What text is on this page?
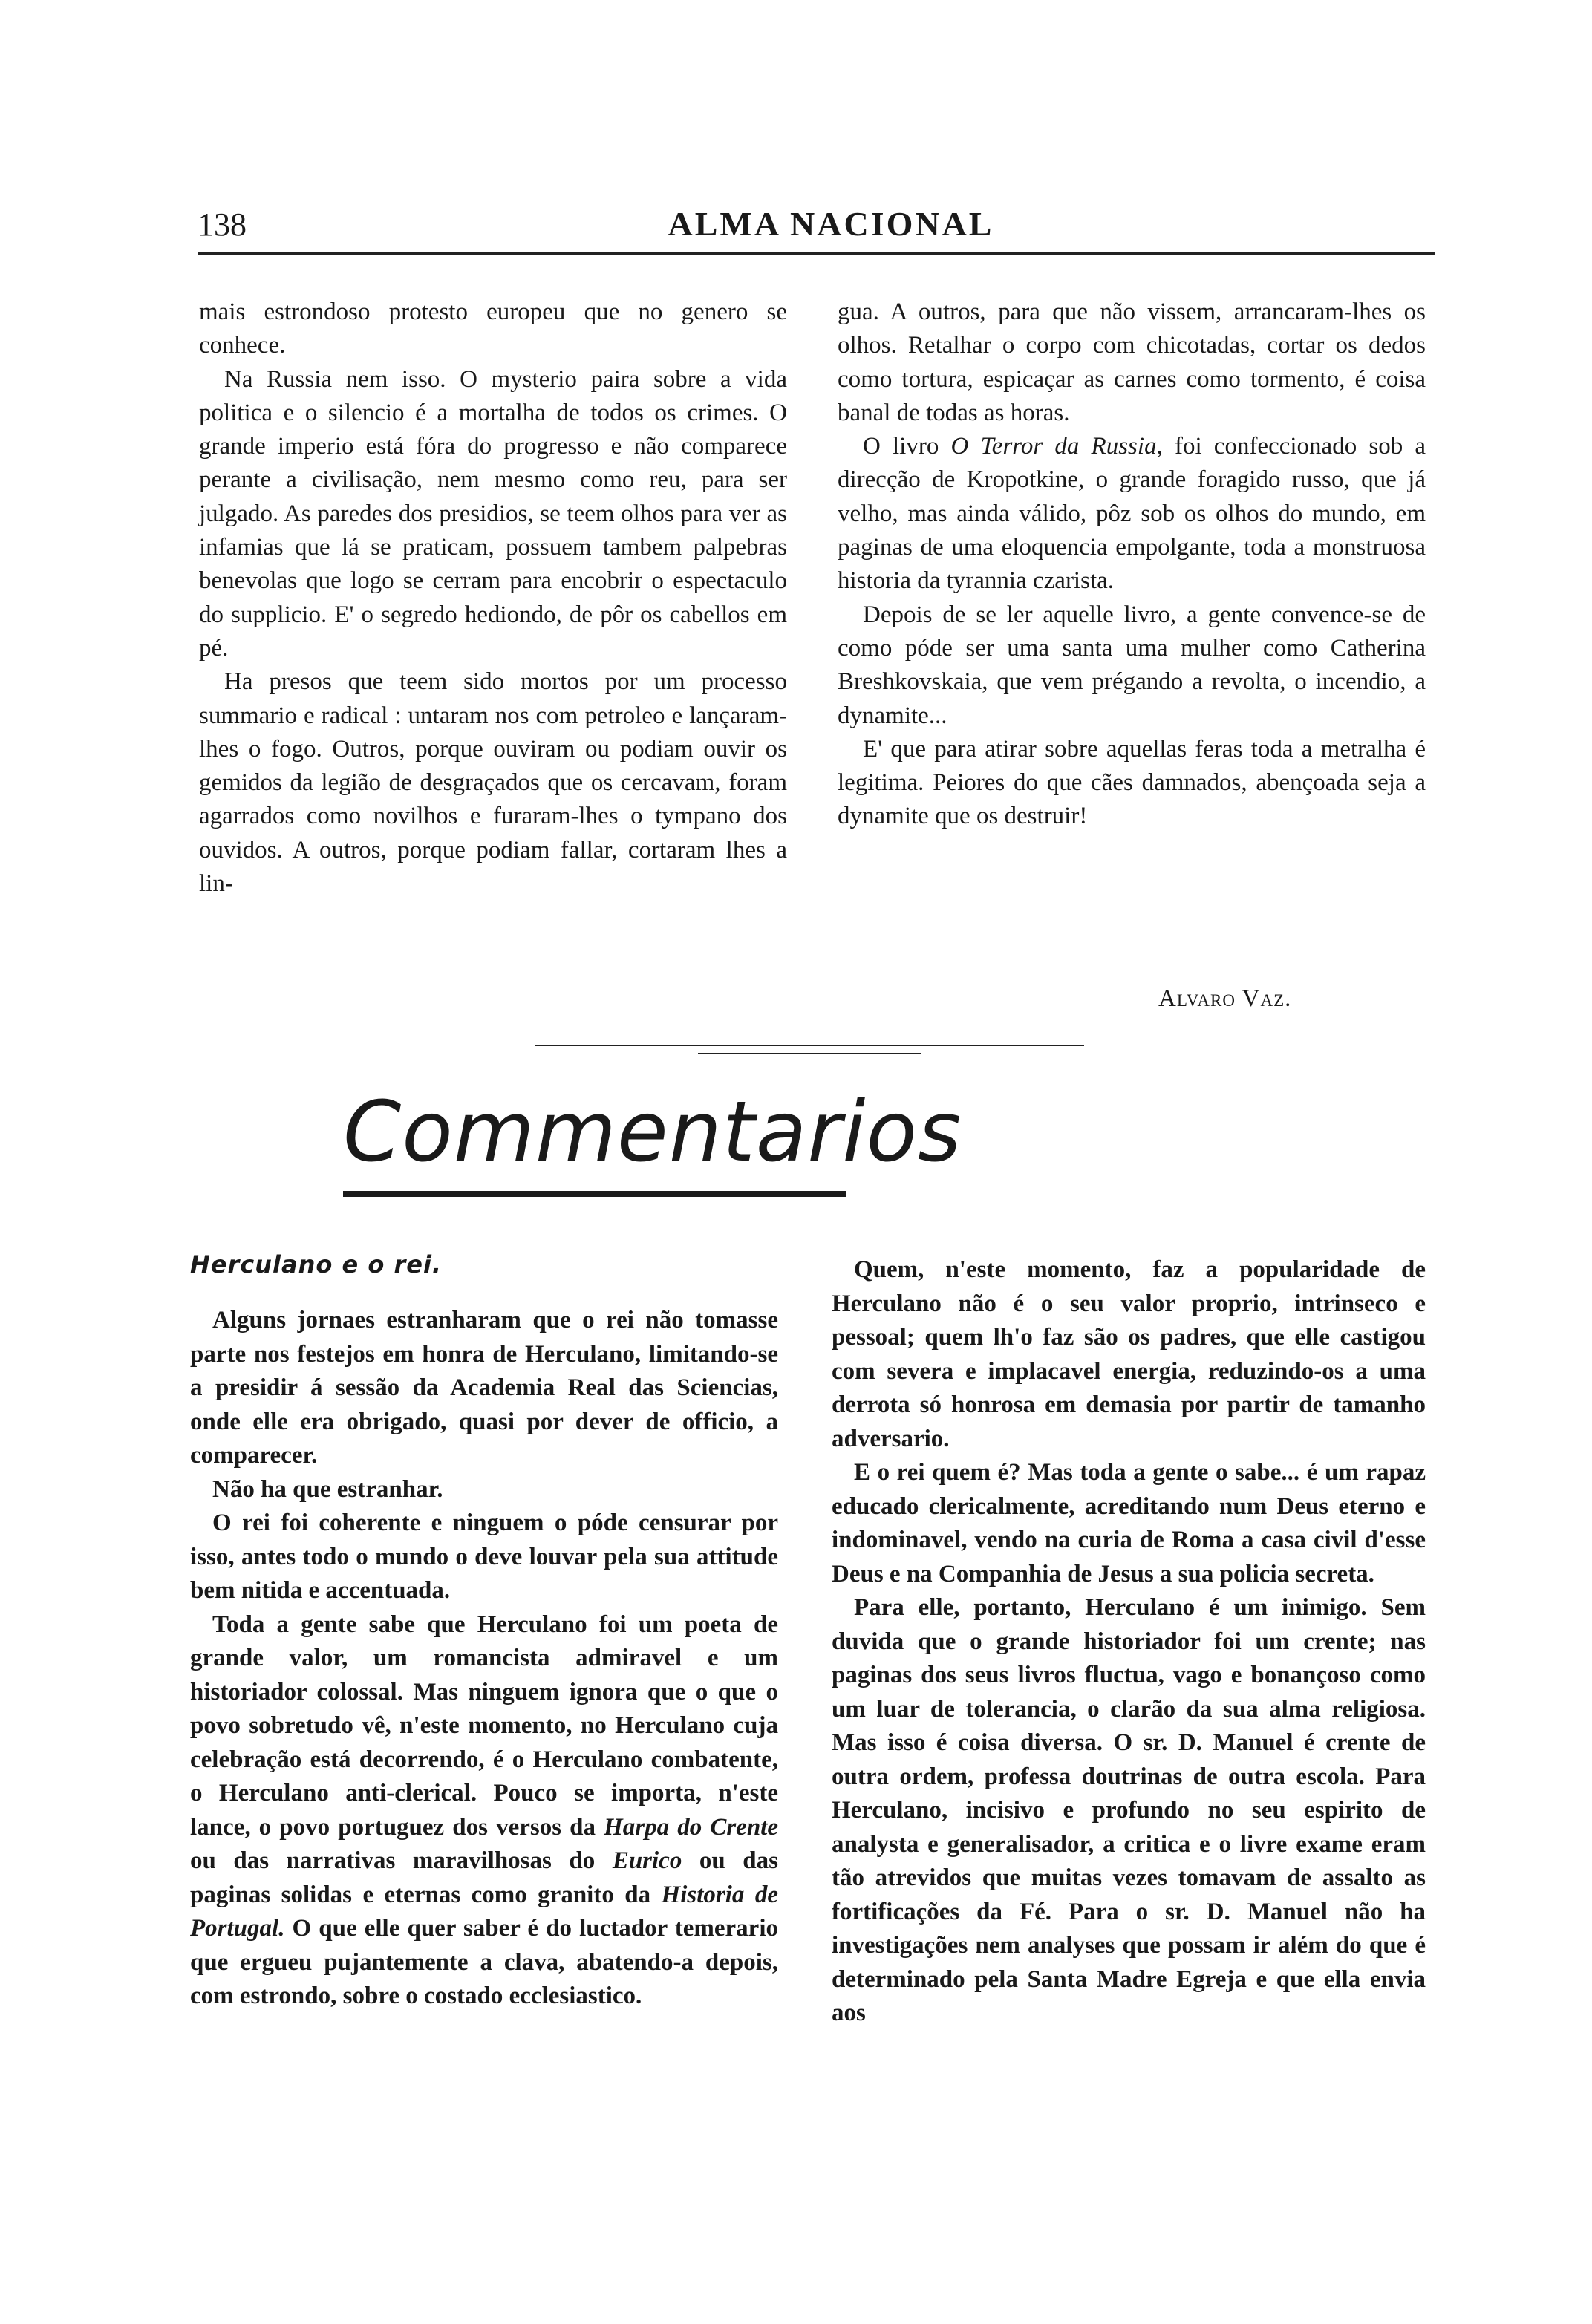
138	ALMA NACIONAL

mais estrondoso protesto europeu que no genero se conhece.

Na Russia nem isso. O mysterio paira sobre a vida politica e o silencio é a mortalha de todos os crimes. O grande imperio está fóra do progresso e não comparece perante a civilisação, nem mesmo como reu, para ser julgado. As paredes dos presidios, se teem olhos para ver as infamias que lá se praticam, possuem tambem palpebras benevolas que logo se cerram para encobrir o espectaculo do supplicio. E' o segredo hediondo, de pôr os cabellos em pé.

Ha presos que teem sido mortos por um processo summario e radical : untaram nos com petroleo e lançaram-lhes o fogo. Outros, porque ouviram ou podiam ouvir os gemidos da legião de desgraçados que os cercavam, foram agarrados como novilhos e furaram-lhes o tympano dos ouvidos. A outros, porque podiam fallar, cortaram lhes a lin-

gua. A outros, para que não vissem, arrancaram-lhes os olhos. Retalhar o corpo com chicotadas, cortar os dedos como tortura, espicaçar as carnes como tormento, é coisa banal de todas as horas.

O livro O Terror da Russia, foi confeccionado sob a direcção de Kropotkine, o grande foragido russo, que já velho, mas ainda válido, pôz sob os olhos do mundo, em paginas de uma eloquencia empolgante, toda a monstruosa historia da tyrannia czarista.

Depois de se ler aquelle livro, a gente convence-se de como póde ser uma santa uma mulher como Catherina Breshkovskaia, que vem prégando a revolta, o incendio, a dynamite...

E' que para atirar sobre aquellas feras toda a metralha é legitima. Peiores do que cães damnados, abençoada seja a dynamite que os destruir!

Alvaro Vaz.
Commentarios
Herculano e o rei.

Alguns jornaes estranharam que o rei não tomasse parte nos festejos em honra de Herculano, limitando-se a presidir á sessão da Academia Real das Sciencias, onde elle era obrigado, quasi por dever de officio, a comparecer.

Não ha que estranhar.

O rei foi coherente e ninguem o póde censurar por isso, antes todo o mundo o deve louvar pela sua attitude bem nitida e accentuada.

Toda a gente sabe que Herculano foi um poeta de grande valor, um romancista admiravel e um historiador colossal. Mas ninguem ignora que o que o povo sobretudo vê, n'este momento, no Herculano cuja celebração está decorrendo, é o Herculano combatente, o Herculano anti-clerical. Pouco se importa, n'este lance, o povo portuguez dos versos da Harpa do Crente ou das narrativas maravilhosas do Eurico ou das paginas solidas e eternas como granito da Historia de Portugal. O que elle quer saber é do luctador temerario que ergueu pujantemente a clava, abatendo-a depois, com estrondo, sobre o costado ecclesiastico.

Quem, n'este momento, faz a popularidade de Herculano não é o seu valor proprio, intrinseco e pessoal; quem lh'o faz são os padres, que elle castigou com severa e implacavel energia, reduzindo-os a uma derrota só honrosa em demasia por partir de tamanho adversario.

E o rei quem é? Mas toda a gente o sabe... é um rapaz educado clericalmente, acreditando num Deus eterno e indominavel, vendo na curia de Roma a casa civil d'esse Deus e na Companhia de Jesus a sua policia secreta.

Para elle, portanto, Herculano é um inimigo. Sem duvida que o grande historiador foi um crente; nas paginas dos seus livros fluctua, vago e bonançoso como um luar de tolerancia, o clarão da sua alma religiosa. Mas isso é coisa diversa. O sr. D. Manuel é crente de outra ordem, professa doutrinas de outra escola. Para Herculano, incisivo e profundo no seu espirito de analysta e generalisador, a critica e o livre exame eram tão atrevidos que muitas vezes tomavam de assalto as fortificações da Fé. Para o sr. D. Manuel não ha investigações nem analyses que possam ir além do que é determinado pela Santa Madre Egreja e que ella envia aos
